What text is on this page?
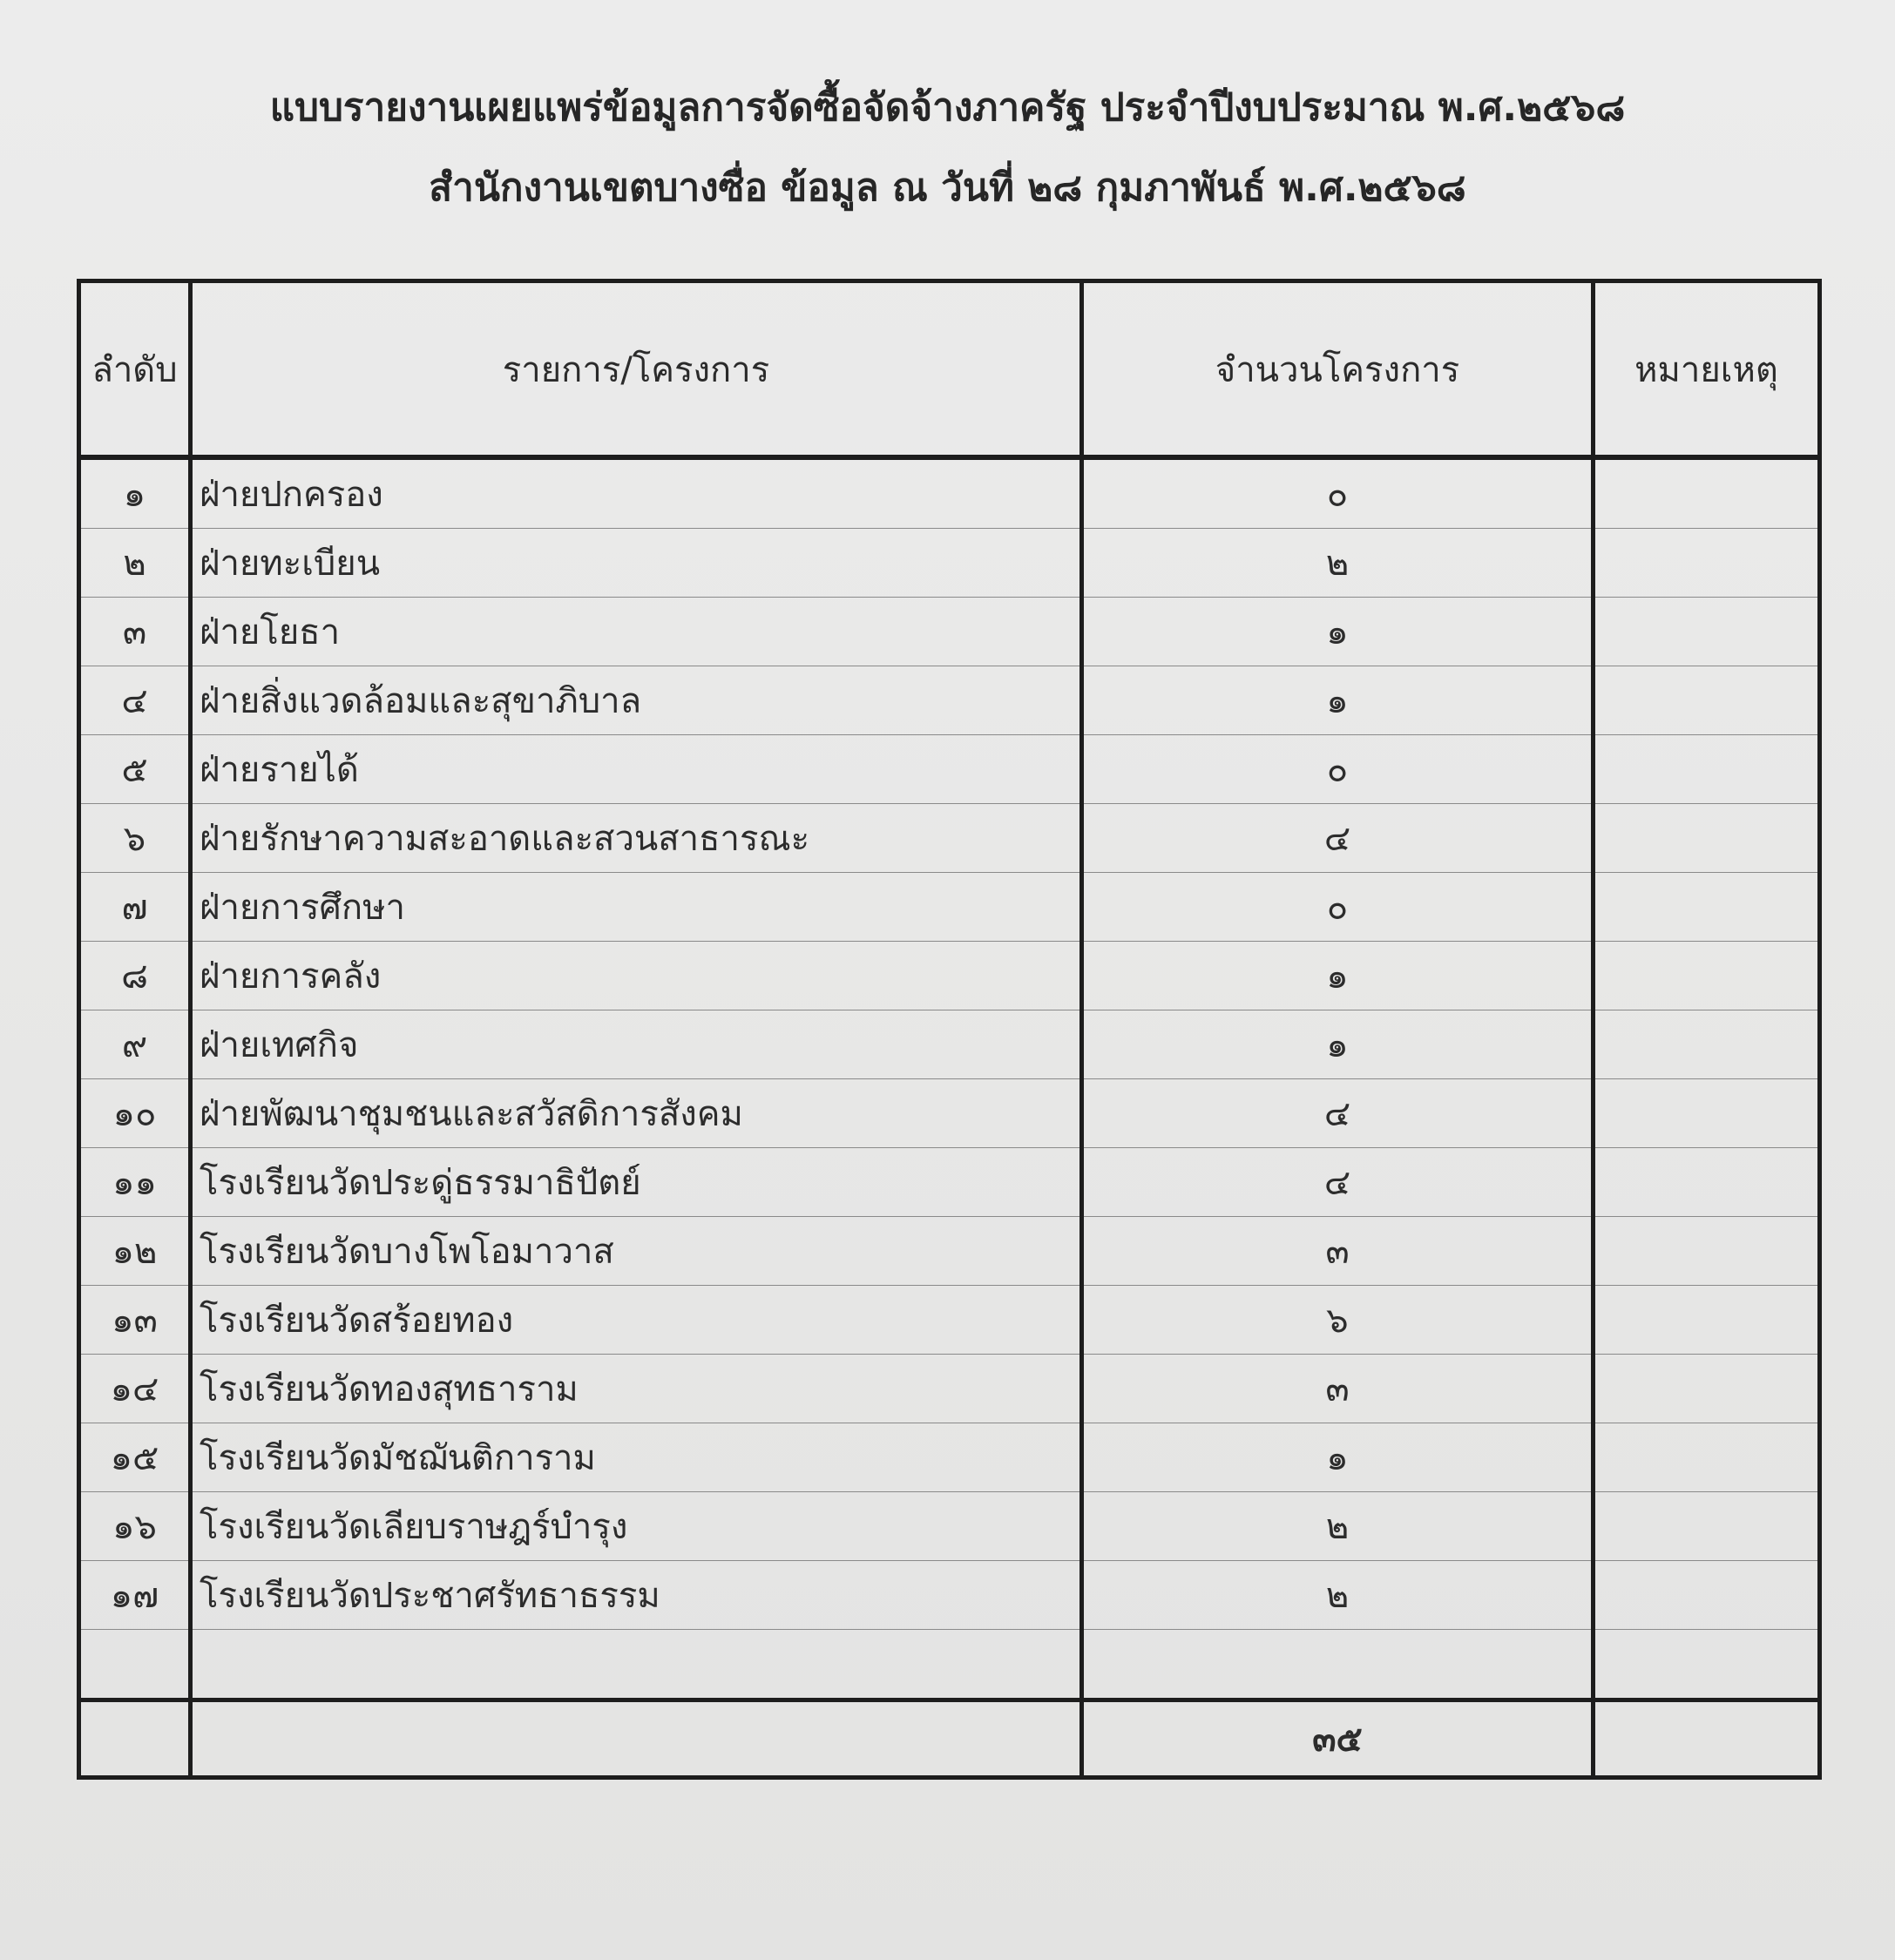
แบบรายงานเผยแพร่ข้อมูลการจัดซื้อจัดจ้างภาครัฐ ประจำปีงบประมาณ พ.ศ.๒๕๖๘
สำนักงานเขตบางซื่อ ข้อมูล ณ วันที่ ๒๘ กุมภาพันธ์ พ.ศ.๒๕๖๘
ลำดับ	รายการ/โครงการ	จำนวนโครงการ	หมายเหตุ
๑	ฝ่ายปกครอง	๐	
๒	ฝ่ายทะเบียน	๒	
๓	ฝ่ายโยธา	๑	
๔	ฝ่ายสิ่งแวดล้อมและสุขาภิบาล	๑	
๕	ฝ่ายรายได้	๐	
๖	ฝ่ายรักษาความสะอาดและสวนสาธารณะ	๔	
๗	ฝ่ายการศึกษา	๐	
๘	ฝ่ายการคลัง	๑	
๙	ฝ่ายเทศกิจ	๑	
๑๐	ฝ่ายพัฒนาชุมชนและสวัสดิการสังคม	๔	
๑๑	โรงเรียนวัดประดู่ธรรมาธิปัตย์	๔	
๑๒	โรงเรียนวัดบางโพโอมาวาส	๓	
๑๓	โรงเรียนวัดสร้อยทอง	๖	
๑๔	โรงเรียนวัดทองสุทธาราม	๓	
๑๕	โรงเรียนวัดมัชฌันติการาม	๑	
๑๖	โรงเรียนวัดเลียบราษฎร์บำรุง	๒	
๑๗	โรงเรียนวัดประชาศรัทธาธรรม	๒	

		๓๕	
